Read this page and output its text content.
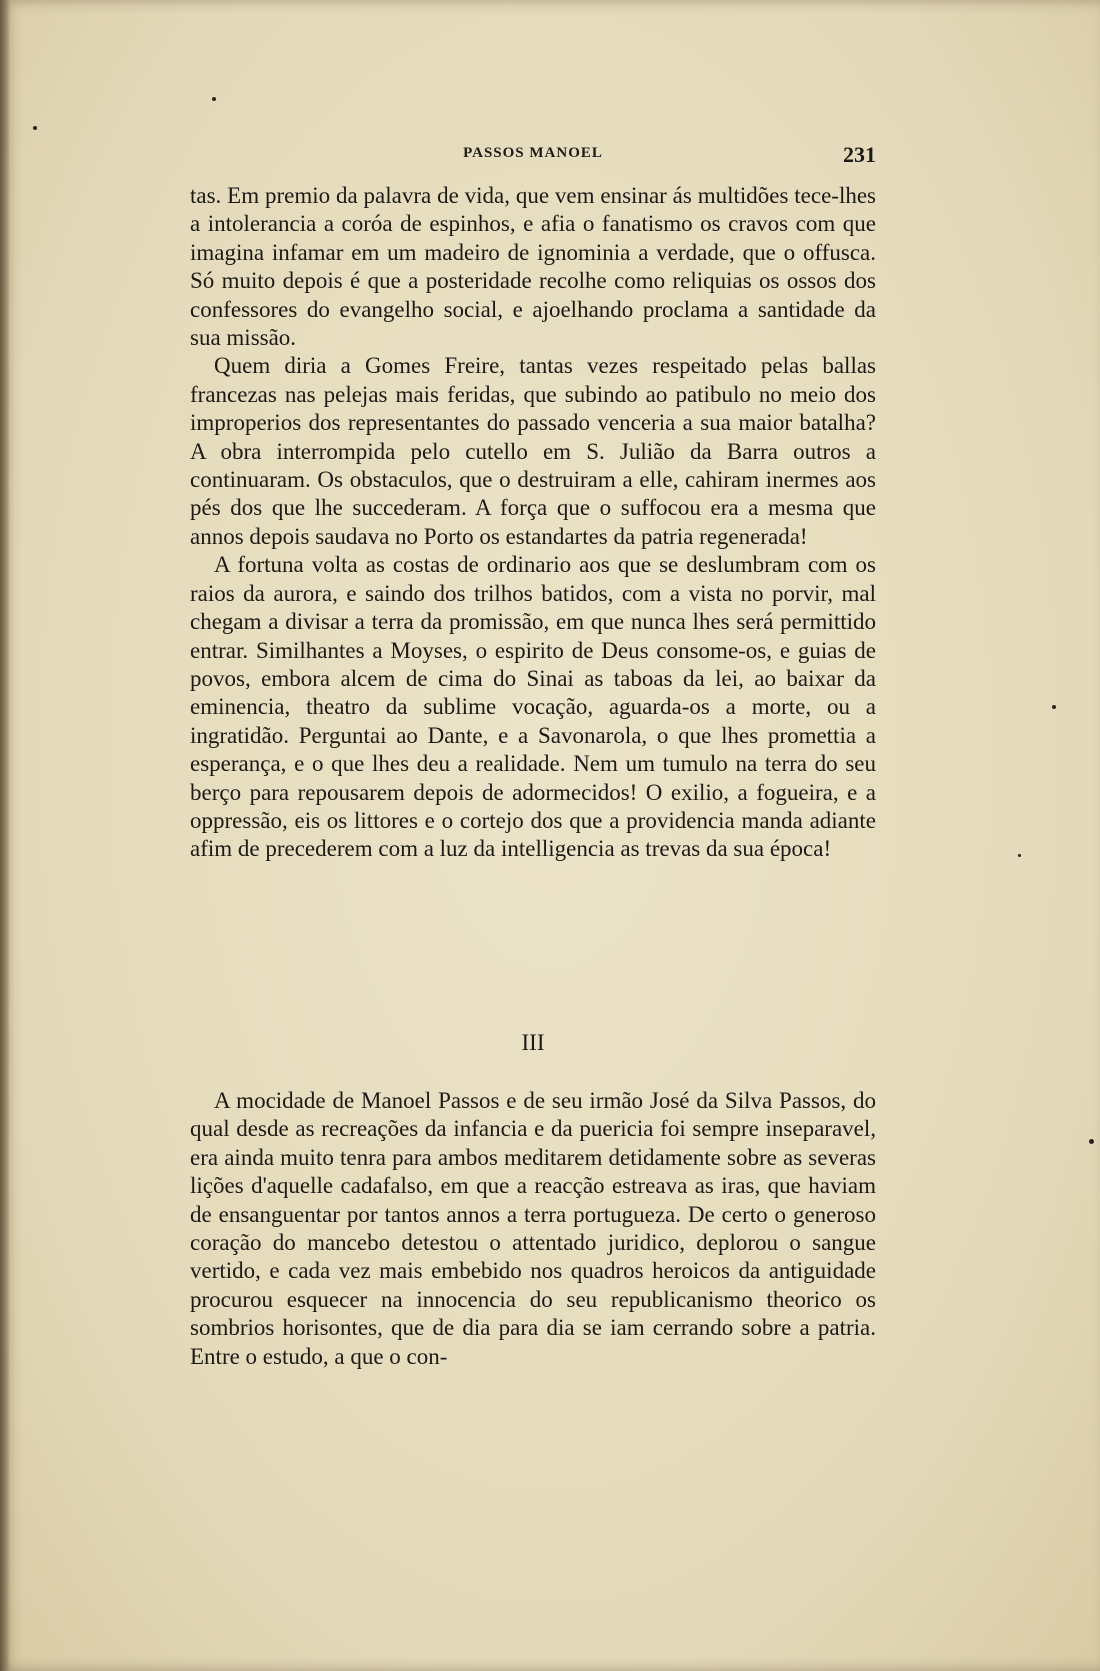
PASSOS MANOEL	231

tas. Em premio da palavra de vida, que vem ensinar ás multidões tece-lhes a intolerancia a coróa de espinhos, e afia o fanatismo os cravos com que imagina infamar em um madeiro de ignominia a verdade, que o offusca. Só muito depois é que a posteridade recolhe como reliquias os ossos dos confessores do evangelho social, e ajoelhando proclama a santidade da sua missão.

Quem diria a Gomes Freire, tantas vezes respeitado pelas ballas francezas nas pelejas mais feridas, que subindo ao patibulo no meio dos improperios dos representantes do passado venceria a sua maior batalha? A obra interrompida pelo cutello em S. Julião da Barra outros a continuaram. Os obstaculos, que o destruiram a elle, cahiram inermes aos pés dos que lhe succederam. A força que o suffocou era a mesma que annos depois saudava no Porto os estandartes da patria regenerada!

A fortuna volta as costas de ordinario aos que se deslumbram com os raios da aurora, e saindo dos trilhos batidos, com a vista no porvir, mal chegam a divisar a terra da promissão, em que nunca lhes será permittido entrar. Similhantes a Moyses, o espirito de Deus consome-os, e guias de povos, embora alcem de cima do Sinai as taboas da lei, ao baixar da eminencia, theatro da sublime vocação, aguarda-os a morte, ou a ingratidão. Perguntai ao Dante, e a Savonarola, o que lhes promettia a esperança, e o que lhes deu a realidade. Nem um tumulo na terra do seu berço para repousarem depois de adormecidos! O exilio, a fogueira, e a oppressão, eis os littores e o cortejo dos que a providencia manda adiante afim de precederem com a luz da intelligencia as trevas da sua época!

III

A mocidade de Manoel Passos e de seu irmão José da Silva Passos, do qual desde as recreações da infancia e da puericia foi sempre inseparavel, era ainda muito tenra para ambos meditarem detidamente sobre as severas lições d'aquelle cadafalso, em que a reacção estreava as iras, que haviam de ensanguentar por tantos annos a terra portugueza. De certo o generoso coração do mancebo detestou o attentado juridico, deplorou o sangue vertido, e cada vez mais embebido nos quadros heroicos da antiguidade procurou esquecer na innocencia do seu republicanismo theorico os sombrios horisontes, que de dia para dia se iam cerrando sobre a patria. Entre o estudo, a que o con-
